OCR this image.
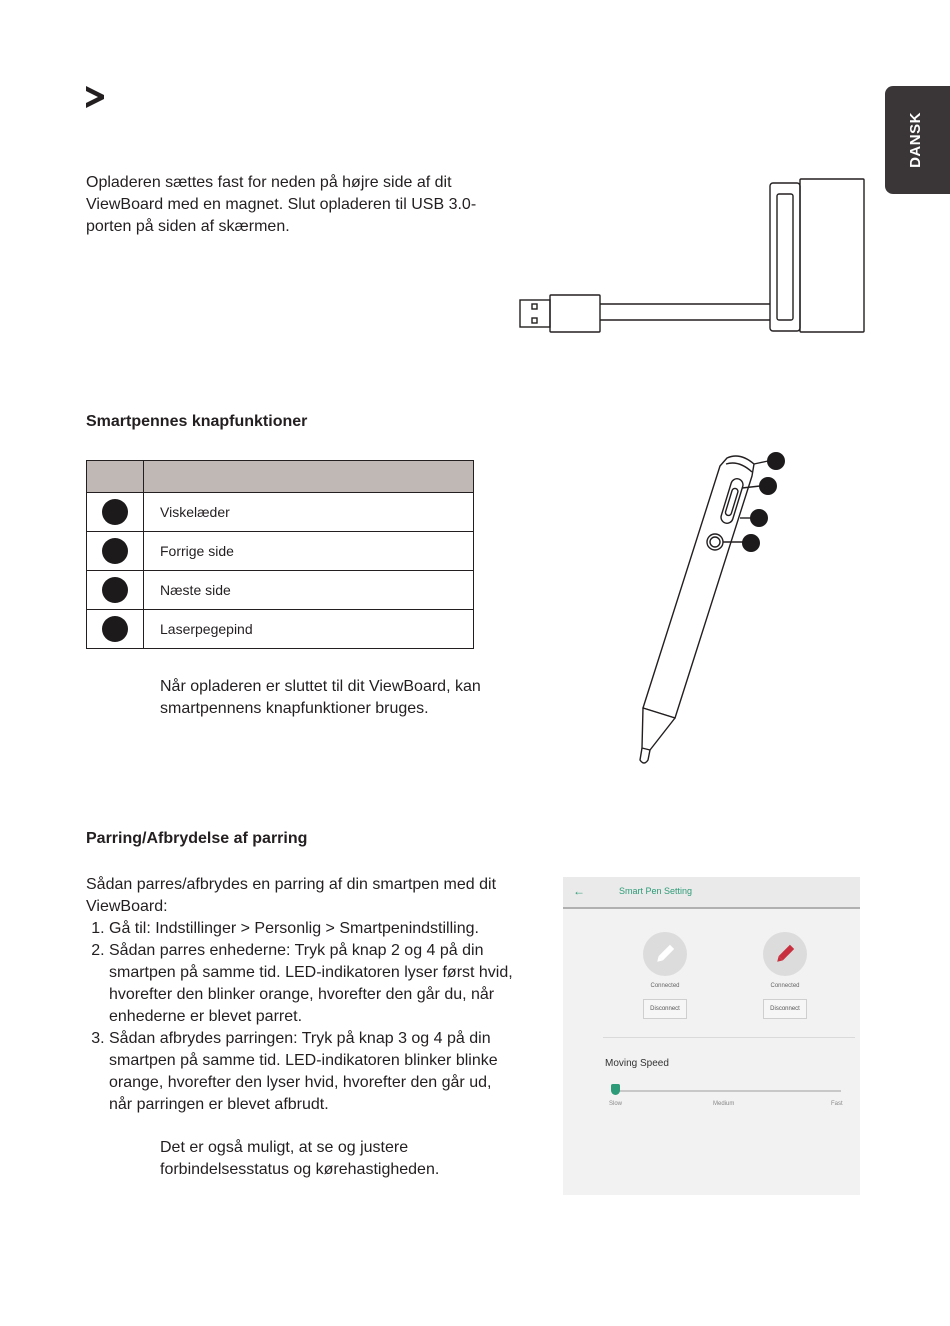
DANSK
Opladeren sættes fast for neden på højre side af dit ViewBoard med en magnet. Slut opladeren til USB 3.0-porten på siden af skærmen.
Smartpennes knapfunktioner

	Viskelæder
	Forrige side
	Næste side
	Laserpegepind
Når opladeren er sluttet til dit ViewBoard, kan smartpennens knapfunktioner bruges.
Parring/Afbrydelse af parring
Sådan parres/afbrydes en parring af din smartpen med dit ViewBoard:
1. Gå til: Indstillinger > Personlig > Smartpenindstilling.
2. Sådan parres enhederne: Tryk på knap 2 og 4 på din smartpen på samme tid. LED-indikatoren lyser først hvid, hvorefter den blinker orange, hvorefter den går du, når enhederne er blevet parret.
3. Sådan afbrydes parringen: Tryk på knap 3 og 4 på din smartpen på samme tid. LED-indikatoren blinker blinke orange, hvorefter den lyser hvid, hvorefter den går ud, når parringen er blevet afbrudt.
Det er også muligt, at se og justere forbindelsesstatus og kørehastigheden.
←	Smart Pen Setting
Connected
Disconnect
Connected
Disconnect
Moving Speed
Slow	Medium	Fast
